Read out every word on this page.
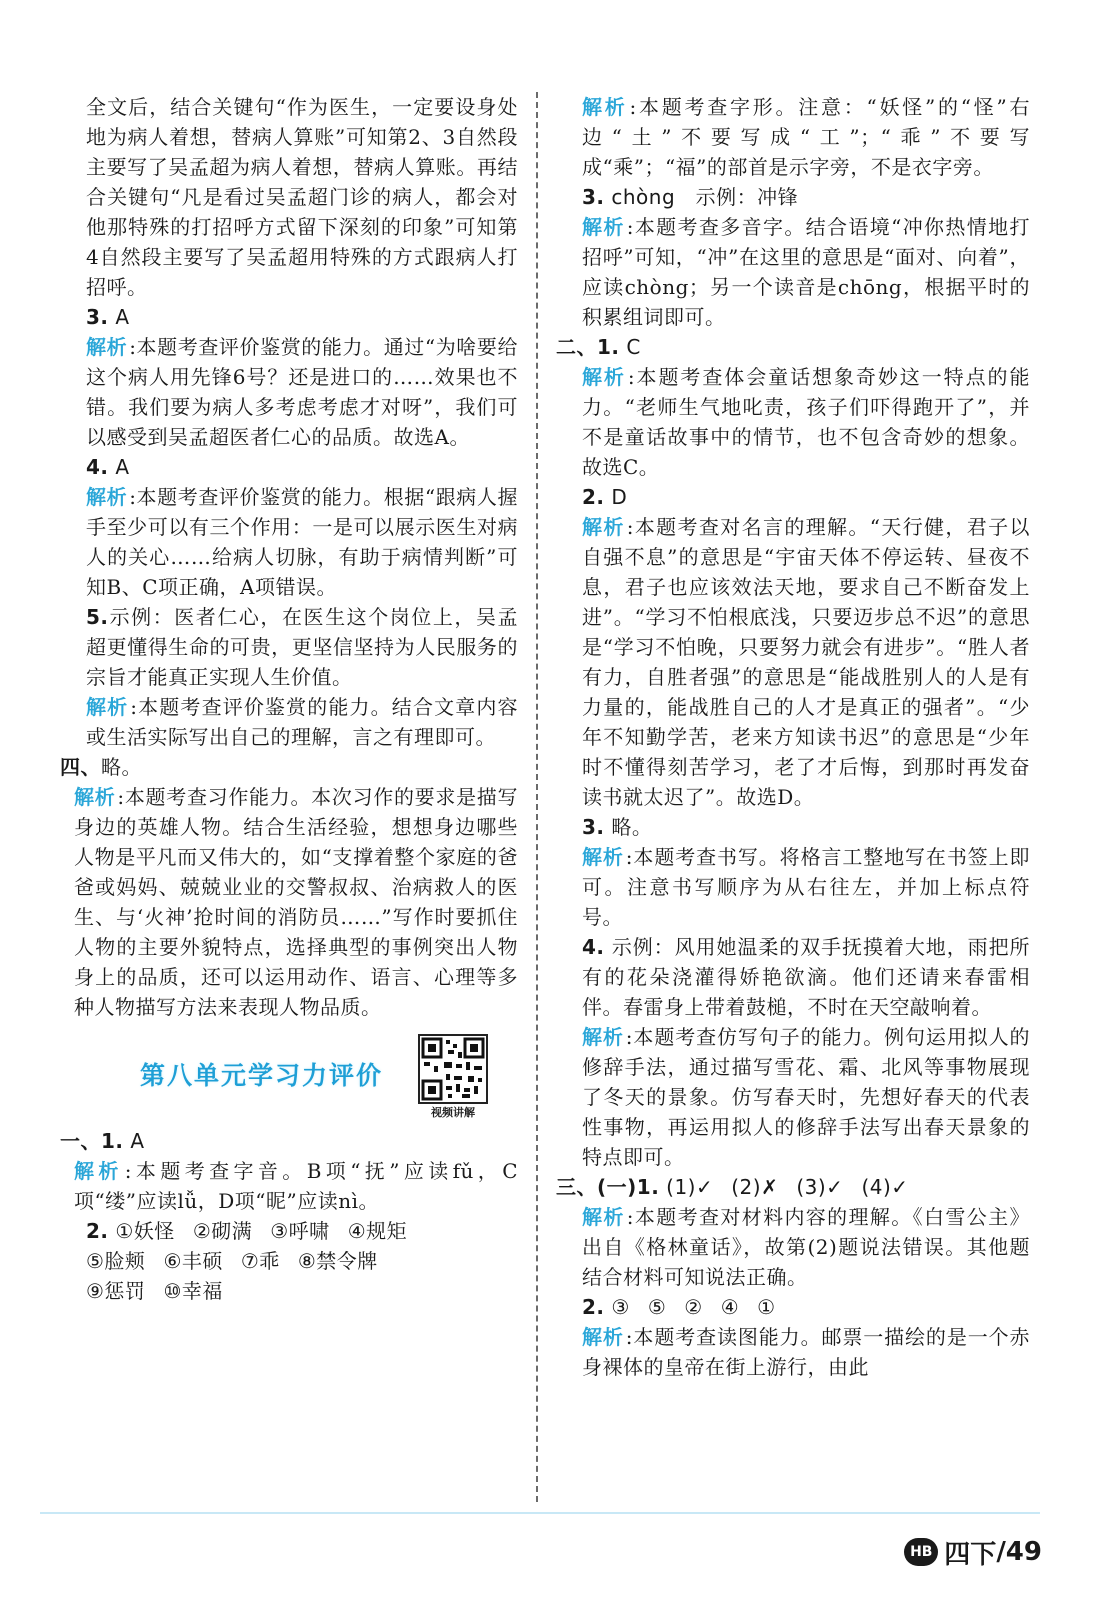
全文后，结合关键句“作为医生，一定要设身处地为病人着想，替病人算账”可知第2、3自然段主要写了吴孟超为病人着想，替病人算账。再结合关键句“凡是看过吴孟超门诊的病人，都会对他那特殊的打招呼方式留下深刻的印象”可知第4自然段主要写了吴孟超用特殊的方式跟病人打招呼。

3. A

解析 :本题考查评价鉴赏的能力。通过“为啥要给这个病人用先锋6号？还是进口的……效果也不错。我们要为病人多考虑考虑才对呀”，我们可以感受到吴孟超医者仁心的品质。故选A。

4. A

解析 :本题考查评价鉴赏的能力。根据“跟病人握手至少可以有三个作用：一是可以展示医生对病人的关心……给病人切脉，有助于病情判断”可知B、C项正确，A项错误。

5.示例：医者仁心，在医生这个岗位上，吴孟超更懂得生命的可贵，更坚信坚持为人民服务的宗旨才能真正实现人生价值。

解析 :本题考查评价鉴赏的能力。结合文章内容或生活实际写出自己的理解，言之有理即可。

四、略。

解析 :本题考查习作能力。本次习作的要求是描写身边的英雄人物。结合生活经验，想想身边哪些人物是平凡而又伟大的，如“支撑着整个家庭的爸爸或妈妈、兢兢业业的交警叔叔、治病救人的医生、与‘火神’抢时间的消防员……”写作时要抓住人物的主要外貌特点，选择典型的事例突出人物身上的品质，还可以运用动作、语言、心理等多种人物描写方法来表现人物品质。

第八单元学习力评价
视频讲解

一、1. A

解析 :本题考查字音。B项“抚”应读fǔ，C项“缕”应读lǚ，D项“昵”应读nì。

2. ①妖怪 ②砌满 ③呼啸 ④规矩

⑤脸颊 ⑥丰硕 ⑦乖 ⑧禁令牌

⑨惩罚 ⑩幸福

解析 :本题考查字形。注意：“妖怪”的“怪”右边“土”不要写成“工”；“乖”不要写成“乘”；“福”的部首是示字旁，不是衣字旁。

3. chòng　示例：冲锋

解析 :本题考查多音字。结合语境“冲你热情地打招呼”可知，“冲”在这里的意思是“面对、向着”，应读chòng；另一个读音是chōng，根据平时的积累组词即可。

二、1. C

解析 :本题考查体会童话想象奇妙这一特点的能力。“老师生气地叱责，孩子们吓得跑开了”，并不是童话故事中的情节，也不包含奇妙的想象。故选C。

2. D

解析 :本题考查对名言的理解。“天行健，君子以自强不息”的意思是“宇宙天体不停运转、昼夜不息，君子也应该效法天地，要求自己不断奋发上进”。“学习不怕根底浅，只要迈步总不迟”的意思是“学习不怕晚，只要努力就会有进步”。“胜人者有力，自胜者强”的意思是“能战胜别人的人是有力量的，能战胜自己的人才是真正的强者”。“少年不知勤学苦，老来方知读书迟”的意思是“少年时不懂得刻苦学习，老了才后悔，到那时再发奋读书就太迟了”。故选D。

3. 略。

解析 :本题考查书写。将格言工整地写在书签上即可。注意书写顺序为从右往左，并加上标点符号。

4. 示例：风用她温柔的双手抚摸着大地，雨把所有的花朵浇灌得娇艳欲滴。他们还请来春雷相伴。春雷身上带着鼓槌，不时在天空敲响着。

解析 :本题考查仿写句子的能力。例句运用拟人的修辞手法，通过描写雪花、霜、北风等事物展现了冬天的景象。仿写春天时，先想好春天的代表性事物，再运用拟人的修辞手法写出春天景象的特点即可。

三、(一)1. (1)✓ (2)✗ (3)✓ (4)✓

解析 :本题考查对材料内容的理解。《白雪公主》出自《格林童话》，故第(2)题说法错误。其他题结合材料可知说法正确。

2. ③ ⑤ ② ④ ①

解析 :本题考查读图能力。邮票一描绘的是一个赤身裸体的皇帝在街上游行，由此

HB 四下 /49
